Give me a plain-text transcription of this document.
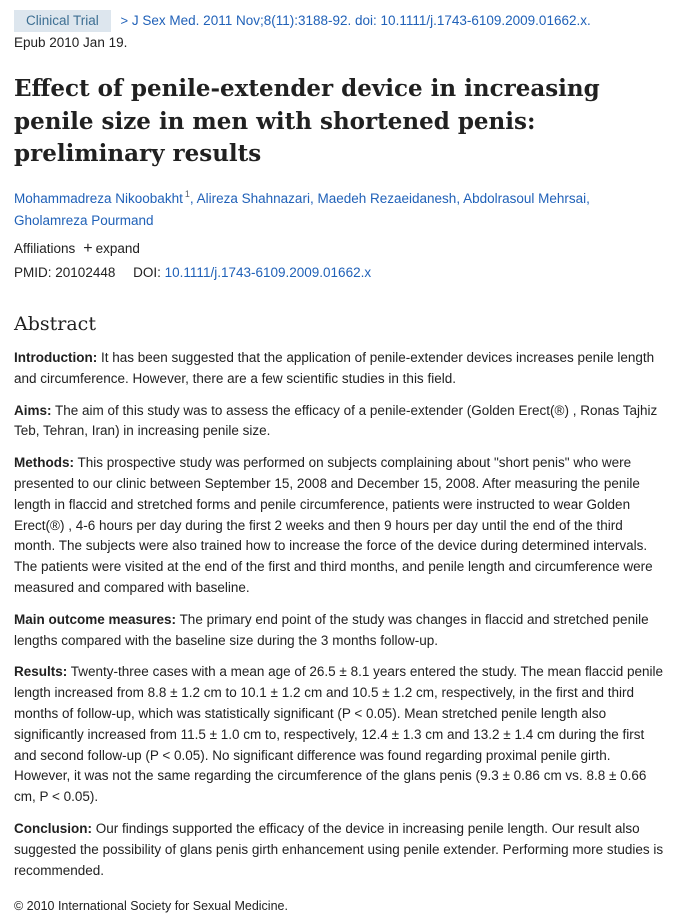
Clinical Trial > J Sex Med. 2011 Nov;8(11):3188-92. doi: 10.1111/j.1743-6109.2009.01662.x.
Epub 2010 Jan 19.
Effect of penile-extender device in increasing penile size in men with shortened penis: preliminary results
Mohammadreza Nikoobakht $^1$, Alireza Shahnazari, Maedeh Rezaeidanesh, Abdolrasoul Mehrsai,
Gholamreza Pourmand
Affiliations + expand
PMID: 20102448 DOI: 10.1111/j.1743-6109.2009.01662.x
Abstract

Introduction: It has been suggested that the application of penile-extender devices increases penile length and circumference. However, there are a few scientific studies in this field.

Aims: The aim of this study was to assess the efficacy of a penile-extender (Golden Erect(®) , Ronas Tajhiz Teb, Tehran, Iran) in increasing penile size.

Methods: This prospective study was performed on subjects complaining about "short penis" who were presented to our clinic between September 15, 2008 and December 15, 2008. After measuring the penile length in flaccid and stretched forms and penile circumference, patients were instructed to wear Golden Erect(®) , 4-6 hours per day during the first 2 weeks and then 9 hours per day until the end of the third month. The subjects were also trained how to increase the force of the device during determined intervals. The patients were visited at the end of the first and third months, and penile length and circumference were measured and compared with baseline.

Main outcome measures: The primary end point of the study was changes in flaccid and stretched penile lengths compared with the baseline size during the 3 months follow-up.

Results: Twenty-three cases with a mean age of 26.5 ± 8.1 years entered the study. The mean flaccid penile length increased from 8.8 ± 1.2 cm to 10.1 ± 1.2 cm and 10.5 ± 1.2 cm, respectively, in the first and third months of follow-up, which was statistically significant (P < 0.05). Mean stretched penile length also significantly increased from 11.5 ± 1.0 cm to, respectively, 12.4 ± 1.3 cm and 13.2 ± 1.4 cm during the first and second follow-up (P < 0.05). No significant difference was found regarding proximal penile girth. However, it was not the same regarding the circumference of the glans penis (9.3 ± 0.86 cm vs. 8.8 ± 0.66 cm, P < 0.05).

Conclusion: Our findings supported the efficacy of the device in increasing penile length. Our result also suggested the possibility of glans penis girth enhancement using penile extender. Performing more studies is recommended.

© 2010 International Society for Sexual Medicine.
